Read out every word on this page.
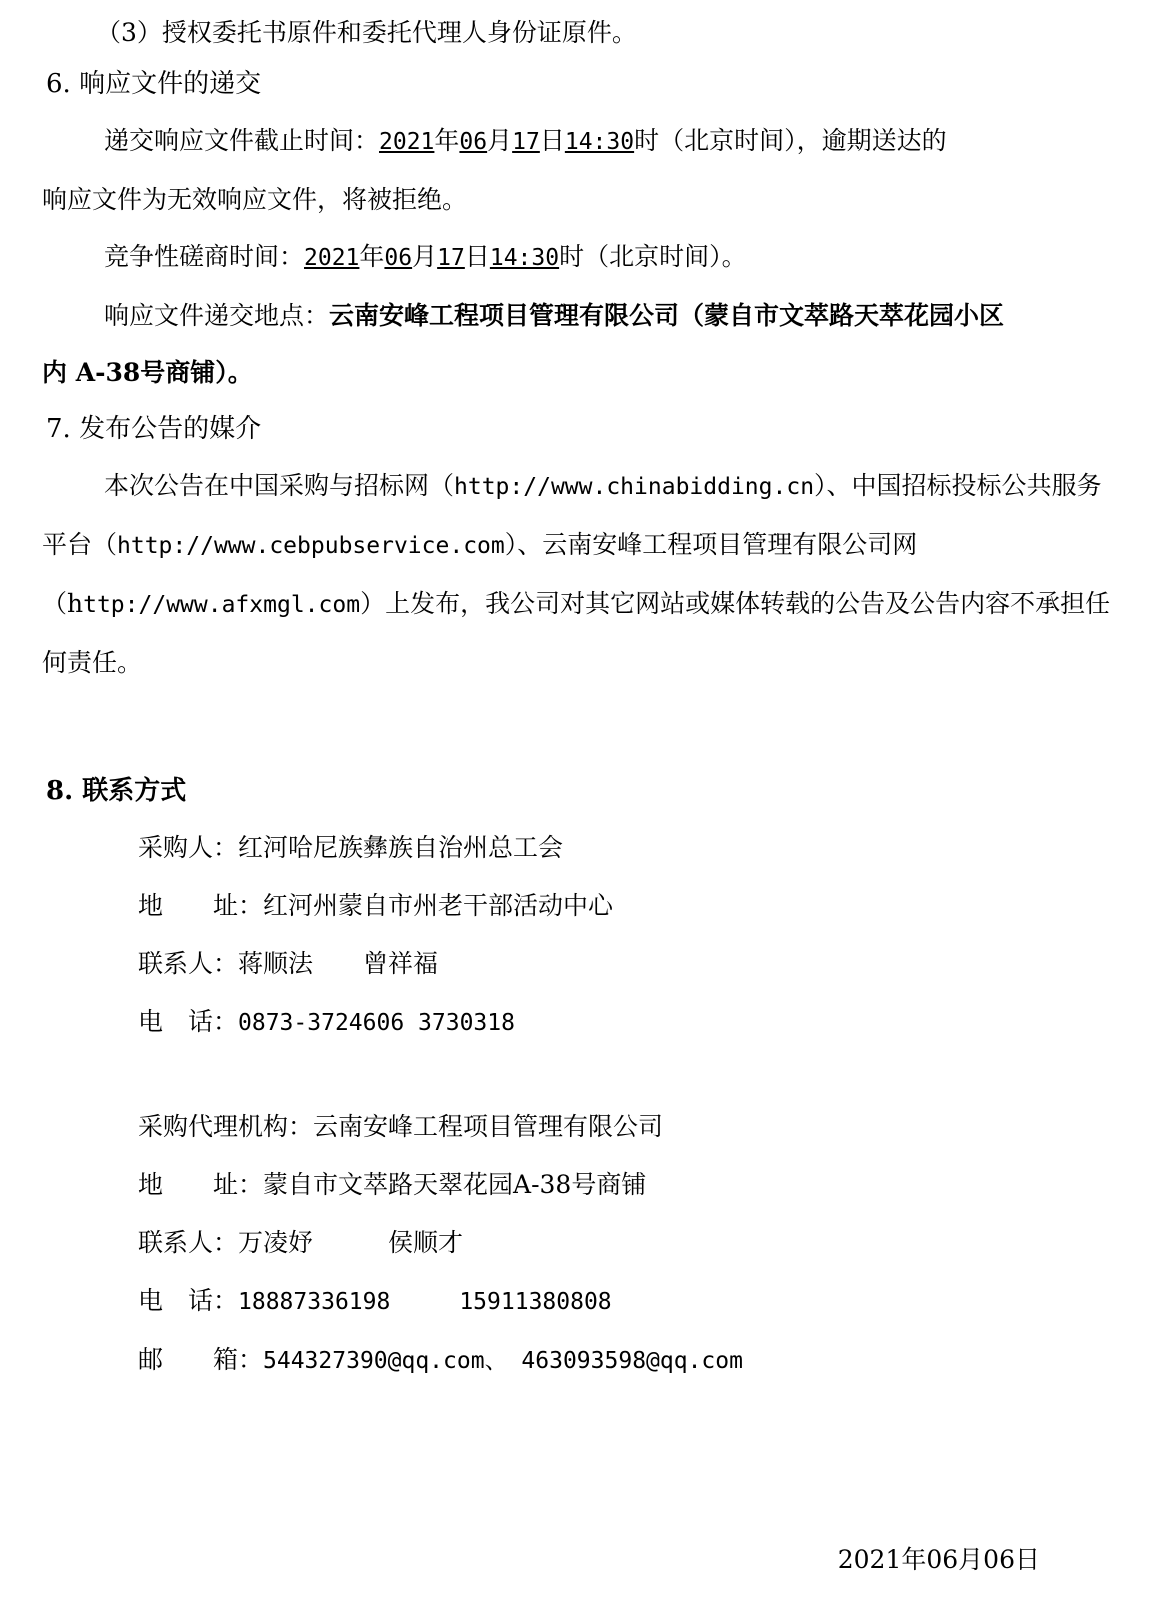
（3）授权委托书原件和委托代理人身份证原件。
6. 响应文件的递交

递交响应文件截止时间：2021年06月17日14:30时（北京时间），逾期送达的

响应文件为无效响应文件，将被拒绝。

竞争性磋商时间：2021年06月17日14:30时（北京时间）。

响应文件递交地点：云南安峰工程项目管理有限公司（蒙自市文萃路天萃花园小区

内 A-38号商铺）。

7. 发布公告的媒介

本次公告在中国采购与招标网（http://www.chinabidding.cn）、中国招标投标公共服务平台（http://www.cebpubservice.com）、云南安峰工程项目管理有限公司网（http://www.afxmgl.com）上发布，我公司对其它网站或媒体转载的公告及公告内容不承担任何责任。

8. 联系方式
采购人：红河哈尼族彝族自治州总工会
地　　址：红河州蒙自市州老干部活动中心
联系人：蒋顺法　　曾祥福
电　话：0873-3724606 3730318
采购代理机构：云南安峰工程项目管理有限公司
地　　址：蒙自市文萃路天翠花园A-38号商铺
联系人：万凌妤　　　侯顺才
电　话：18887336198　　　15911380808
邮　　箱：544327390@qq.com、 463093598@qq.com
2021年06月06日
